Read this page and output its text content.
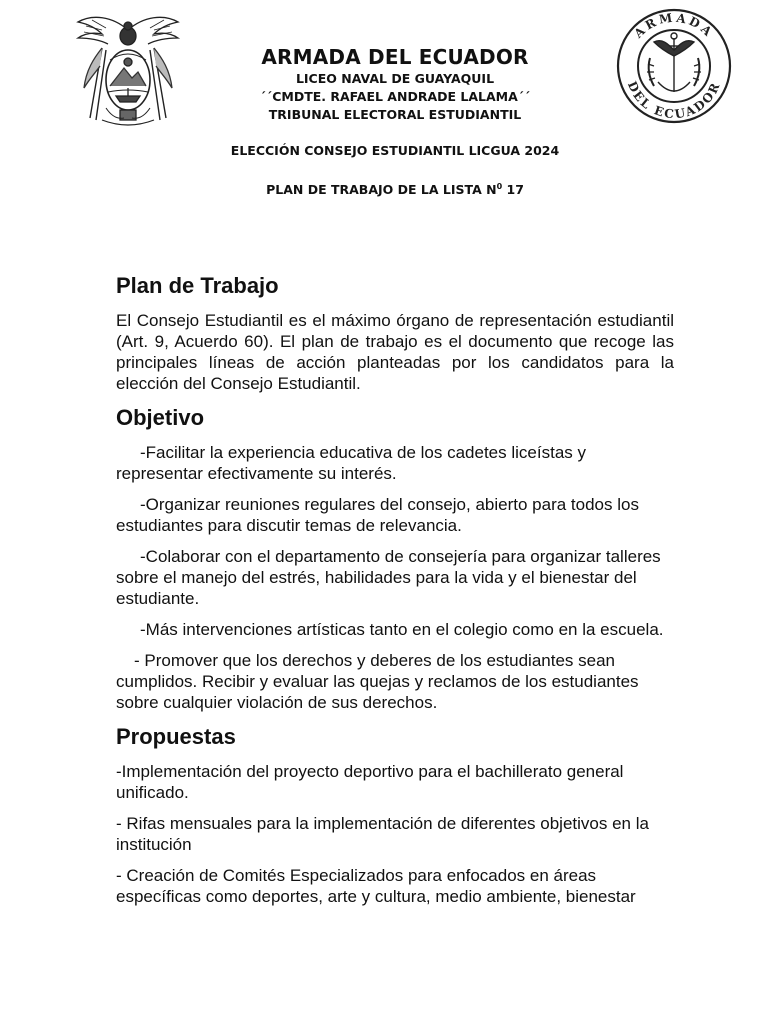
ARMADA DEL ECUADOR
LICEO NAVAL DE GUAYAQUIL
´´CMDTE. RAFAEL ANDRADE LALAMA´´
TRIBUNAL ELECTORAL ESTUDIANTIL
ELECCIÓN CONSEJO ESTUDIANTIL LICGUA 2024
PLAN DE TRABAJO DE LA LISTA $N^0$ 17
ARMADA
DEL ECUADOR
Plan de Trabajo

El Consejo Estudiantil es el máximo órgano de representación estudiantil (Art. 9, Acuerdo 60). El plan de trabajo es el documento que recoge las principales líneas de acción planteadas por los candidatos para la elección del Consejo Estudiantil.

Objetivo

-Facilitar la experiencia educativa de los cadetes liceístas y representar efectivamente su interés.

-Organizar reuniones regulares del consejo, abierto para todos los estudiantes para discutir temas de relevancia.

-Colaborar con el departamento de consejería para organizar talleres sobre el manejo del estrés, habilidades para la vida y el bienestar del estudiante.

-Más intervenciones artísticas tanto en el colegio como en la escuela.

- Promover que los derechos y deberes de los estudiantes sean cumplidos. Recibir y evaluar las quejas y reclamos de los estudiantes sobre cualquier violación de sus derechos.

Propuestas

-Implementación del proyecto deportivo para el bachillerato general unificado.

- Rifas mensuales para la implementación de diferentes objetivos en la institución

- Creación de Comités Especializados para enfocados en áreas específicas como deportes, arte y cultura, medio ambiente, bienestar
